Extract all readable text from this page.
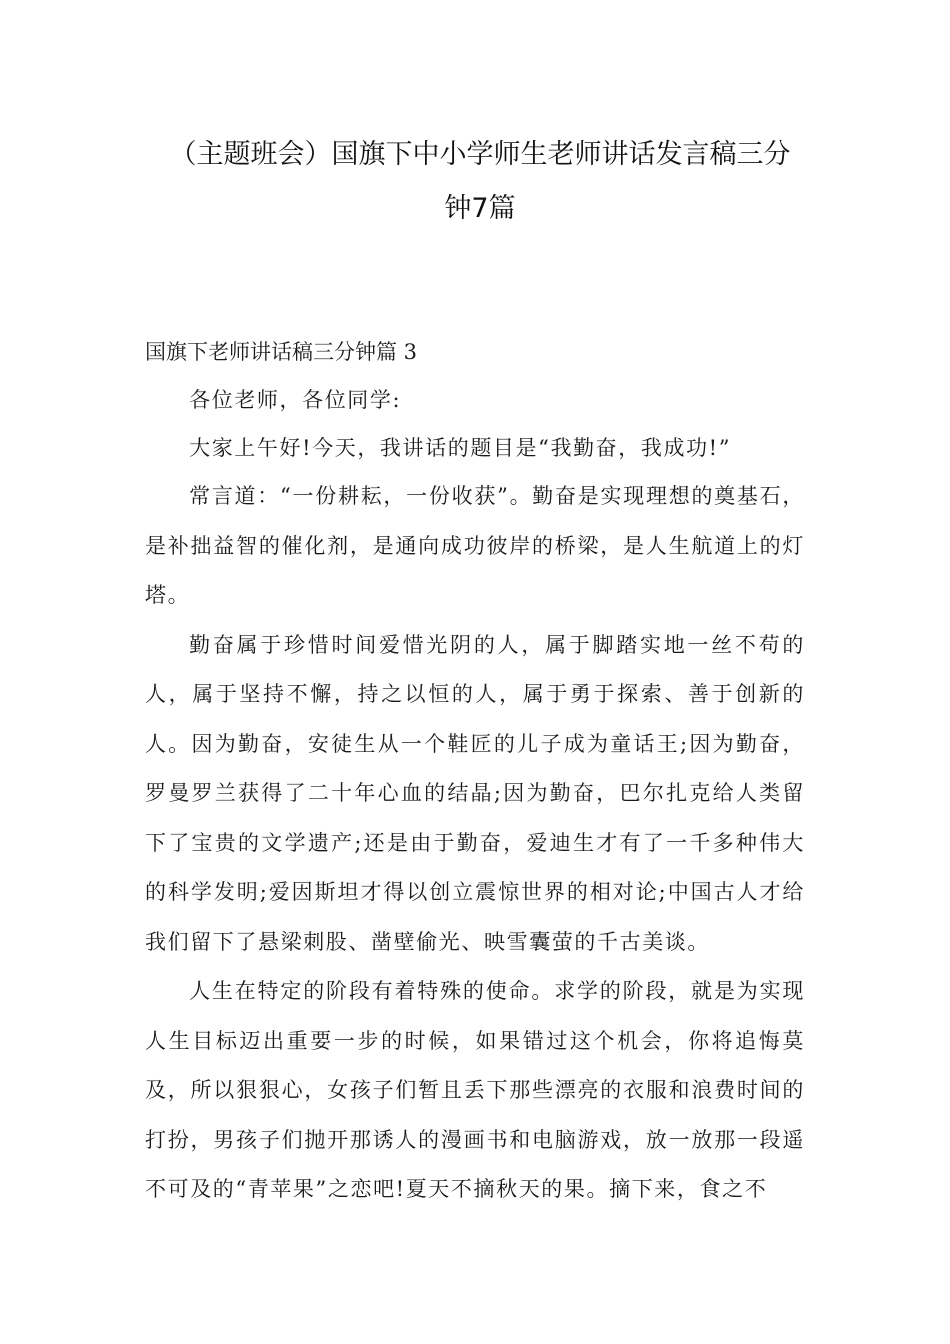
（主题班会）国旗下中小学师生老师讲话发言稿三分
钟7篇
国旗下老师讲话稿三分钟篇 3

各位老师，各位同学:

大家上午好!今天，我讲话的题目是“我勤奋，我成功!”

常言道：“一份耕耘，一份收获”。勤奋是实现理想的奠基石，是补拙益智的催化剂，是通向成功彼岸的桥梁，是人生航道上的灯塔。

勤奋属于珍惜时间爱惜光阴的人，属于脚踏实地一丝不苟的人，属于坚持不懈，持之以恒的人，属于勇于探索、善于创新的人。因为勤奋，安徒生从一个鞋匠的儿子成为童话王;因为勤奋，罗曼罗兰获得了二十年心血的结晶;因为勤奋，巴尔扎克给人类留下了宝贵的文学遗产;还是由于勤奋，爱迪生才有了一千多种伟大的科学发明;爱因斯坦才得以创立震惊世界的相对论;中国古人才给我们留下了悬梁刺股、凿壁偷光、映雪囊萤的千古美谈。

人生在特定的阶段有着特殊的使命。求学的阶段，就是为实现人生目标迈出重要一步的时候，如果错过这个机会，你将追悔莫及，所以狠狠心，女孩子们暂且丢下那些漂亮的衣服和浪费时间的打扮，男孩子们抛开那诱人的漫画书和电脑游戏，放一放那一段遥不可及的“青苹果”之恋吧!夏天不摘秋天的果。摘下来，食之不
